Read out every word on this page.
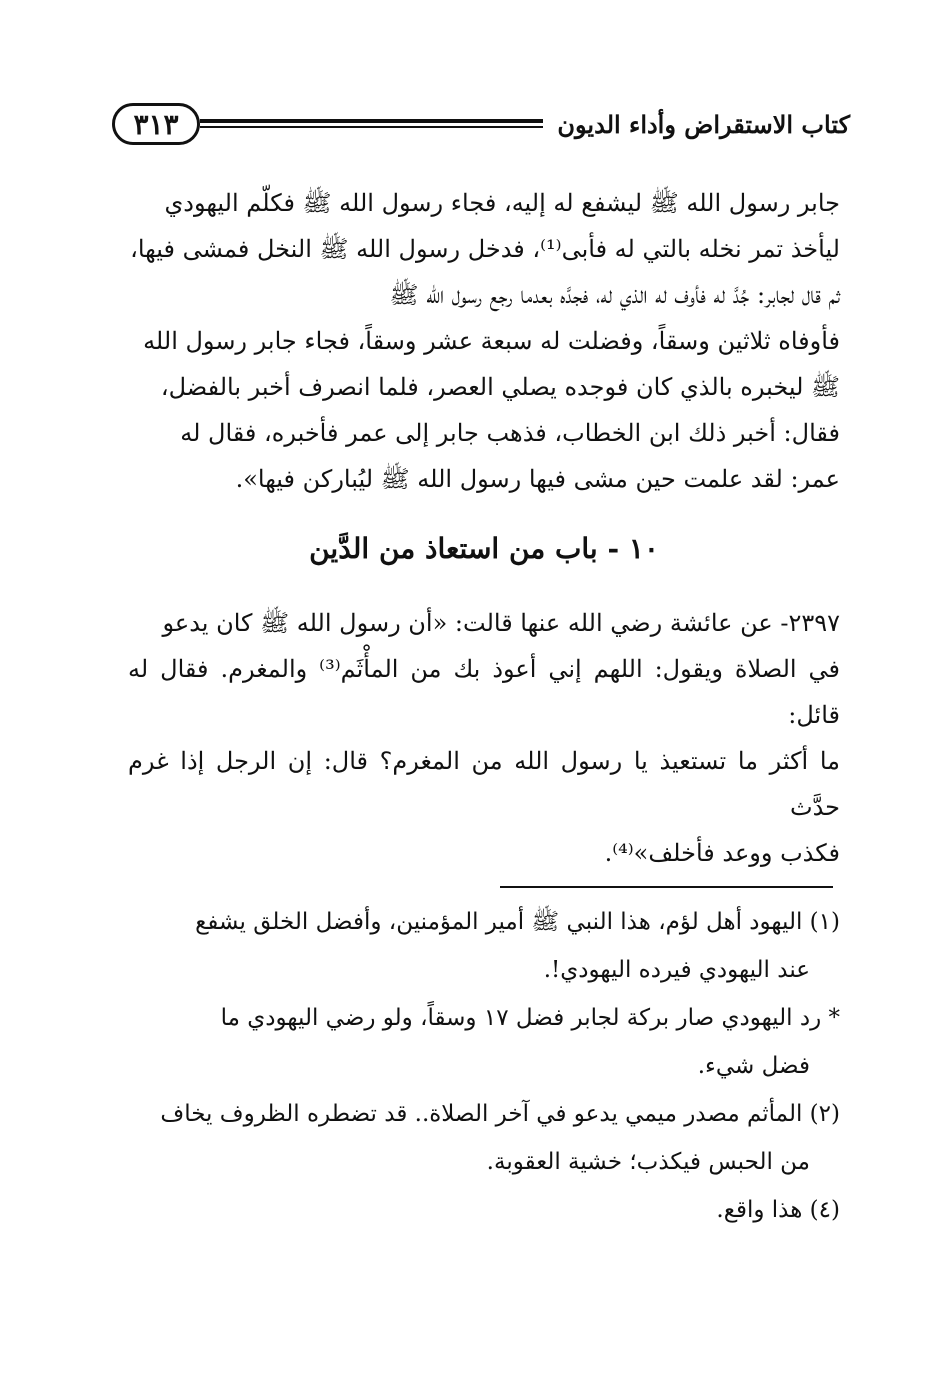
كتاب الاستقراض وأداء الديون
٣١٣

جابر رسول الله ﷺ ليشفع له إليه، فجاء رسول الله ﷺ فكلّم اليهودي

ليأخذ تمر نخله بالتي له فأبى⁽¹⁾، فدخل رسول الله ﷺ النخل فمشى فيها،

ثم قال لجابر: جُدَّ له فأوف له الذي له، فجدَّه بعدما رجع رسول الله ﷺ

فأوفاه ثلاثين وسقاً، وفضلت له سبعة عشر وسقاً، فجاء جابر رسول الله

ﷺ ليخبره بالذي كان فوجده يصلي العصر، فلما انصرف أخبر بالفضل،

فقال: أخبر ذلك ابن الخطاب، فذهب جابر إلى عمر فأخبره، فقال له

عمر: لقد علمت حين مشى فيها رسول الله ﷺ ليُباركن فيها».

١٠ - باب من استعاذ من الدَّين

٢٣٩٧- عن عائشة رضي الله عنها قالت: «أن رسول الله ﷺ كان يدعو

في الصلاة ويقول: اللهم إني أعوذ بك من المأْثَم⁽³⁾ والمغرم. فقال له قائل:

ما أكثر ما تستعيذ يا رسول الله من المغرم؟ قال: إن الرجل إذا غرم حدَّث

فكذب ووعد فأخلف»⁽⁴⁾.

(١) اليهود أهل لؤم، هذا النبي ﷺ أمير المؤمنين، وأفضل الخلق يشفع

عند اليهودي فيرده اليهودي!.

* رد اليهودي صار بركة لجابر فضل ١٧ وسقاً، ولو رضي اليهودي ما

فضل شيء.

(٢) المأثم مصدر ميمي يدعو في آخر الصلاة.. قد تضطره الظروف يخاف

من الحبس فيكذب؛ خشية العقوبة.

(٤) هذا واقع.
